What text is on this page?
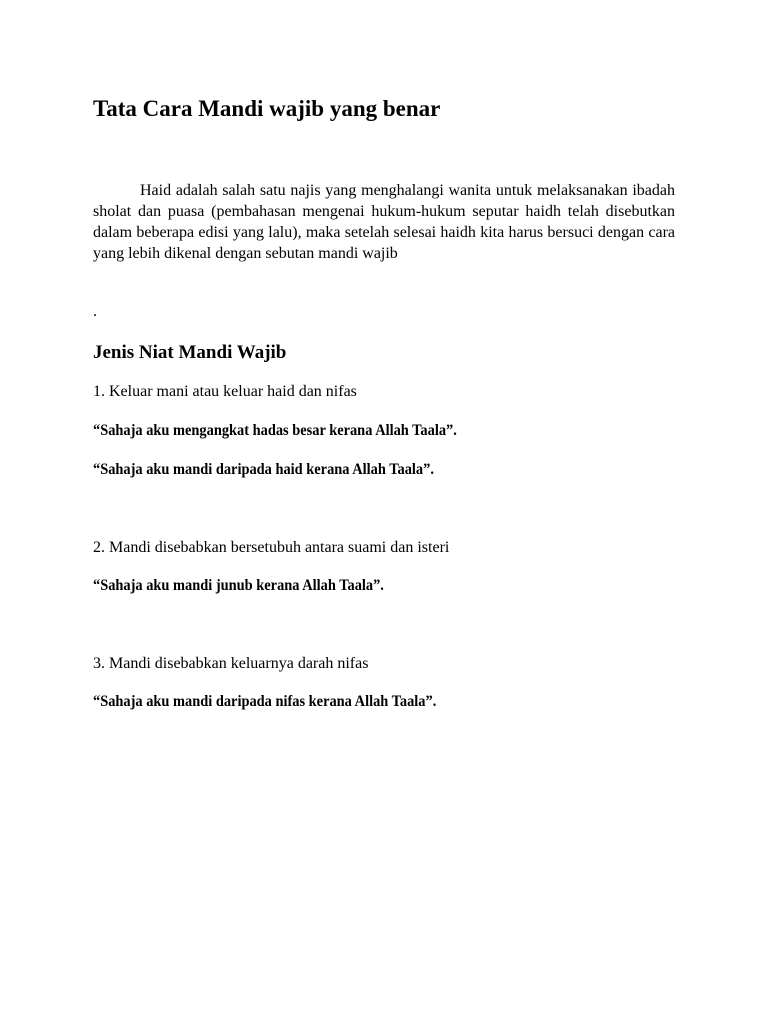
Tata Cara Mandi wajib yang benar

Haid adalah salah satu najis yang menghalangi wanita untuk melaksanakan ibadah sholat dan puasa (pembahasan mengenai hukum-hukum seputar haidh telah disebutkan dalam beberapa edisi yang lalu), maka setelah selesai haidh kita harus bersuci dengan cara yang lebih dikenal dengan sebutan mandi wajib

.
Jenis Niat Mandi Wajib
1. Keluar mani atau keluar haid dan nifas
“Sahaja aku mengangkat hadas besar kerana Allah Taala”.
“Sahaja aku mandi daripada haid kerana Allah Taala”.
2. Mandi disebabkan bersetubuh antara suami dan isteri
“Sahaja aku mandi junub kerana Allah Taala”.
3. Mandi disebabkan keluarnya darah nifas
“Sahaja aku mandi daripada nifas kerana Allah Taala”.
